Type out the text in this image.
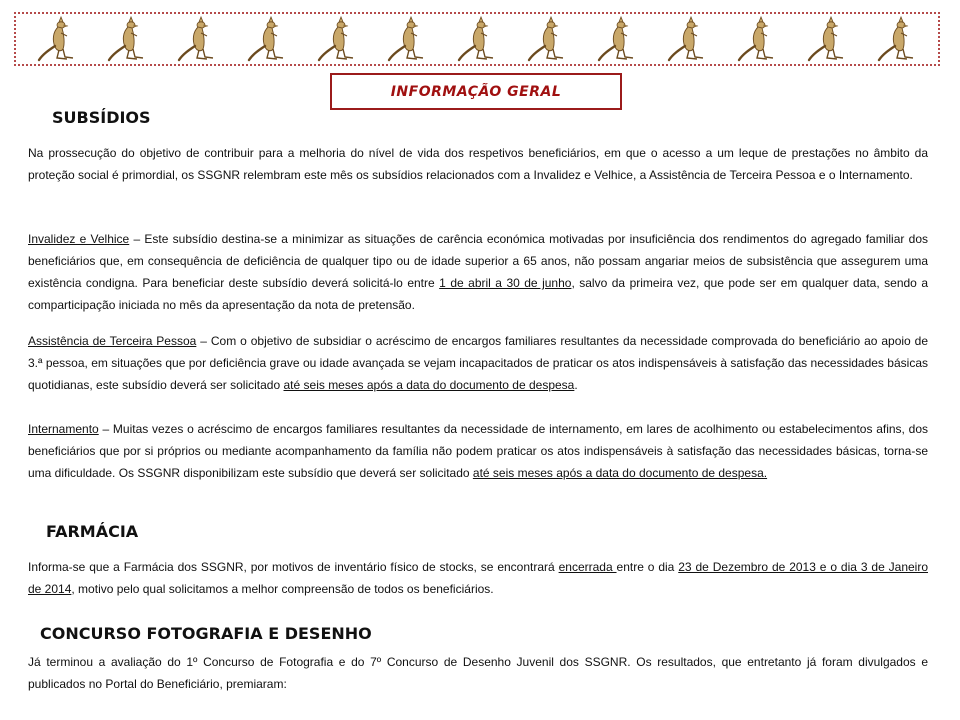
INFORMAÇÃO GERAL
SUBSÍDIOS

Na prossecução do objetivo de contribuir para a melhoria do nível de vida dos respetivos beneficiários, em que o acesso a um leque de prestações no âmbito da proteção social é primordial, os SSGNR relembram este mês os subsídios relacionados com a Invalidez e Velhice, a Assistência de Terceira Pessoa e o Internamento.

Invalidez e Velhice – Este subsídio destina-se a minimizar as situações de carência económica motivadas por insuficiência dos rendimentos do agregado familiar dos beneficiários que, em consequência de deficiência de qualquer tipo ou de idade superior a 65 anos, não possam angariar meios de subsistência que assegurem uma existência condigna. Para beneficiar deste subsídio deverá solicitá-lo entre 1 de abril a 30 de junho, salvo da primeira vez, que pode ser em qualquer data, sendo a comparticipação iniciada no mês da apresentação da nota de pretensão.

Assistência de Terceira Pessoa – Com o objetivo de subsidiar o acréscimo de encargos familiares resultantes da necessidade comprovada do beneficiário ao apoio de 3.ª pessoa, em situações que por deficiência grave ou idade avançada se vejam incapacitados de praticar os atos indispensáveis à satisfação das necessidades básicas quotidianas, este subsídio deverá ser solicitado até seis meses após a data do documento de despesa.

Internamento – Muitas vezes o acréscimo de encargos familiares resultantes da necessidade de internamento, em lares de acolhimento ou estabelecimentos afins, dos beneficiários que por si próprios ou mediante acompanhamento da família não podem praticar os atos indispensáveis à satisfação das necessidades básicas, torna-se uma dificuldade. Os SSGNR disponibilizam este subsídio que deverá ser solicitado até seis meses após a data do documento de despesa.

FARMÁCIA

Informa-se que a Farmácia dos SSGNR, por motivos de inventário físico de stocks, se encontrará encerrada entre o dia 23 de Dezembro de 2013 e o dia 3 de Janeiro de 2014, motivo pelo qual solicitamos a melhor compreensão de todos os beneficiários.

CONCURSO FOTOGRAFIA E DESENHO

Já terminou a avaliação do 1º Concurso de Fotografia e do 7º Concurso de Desenho Juvenil dos SSGNR. Os resultados, que entretanto já foram divulgados e publicados no Portal do Beneficiário, premiaram:
